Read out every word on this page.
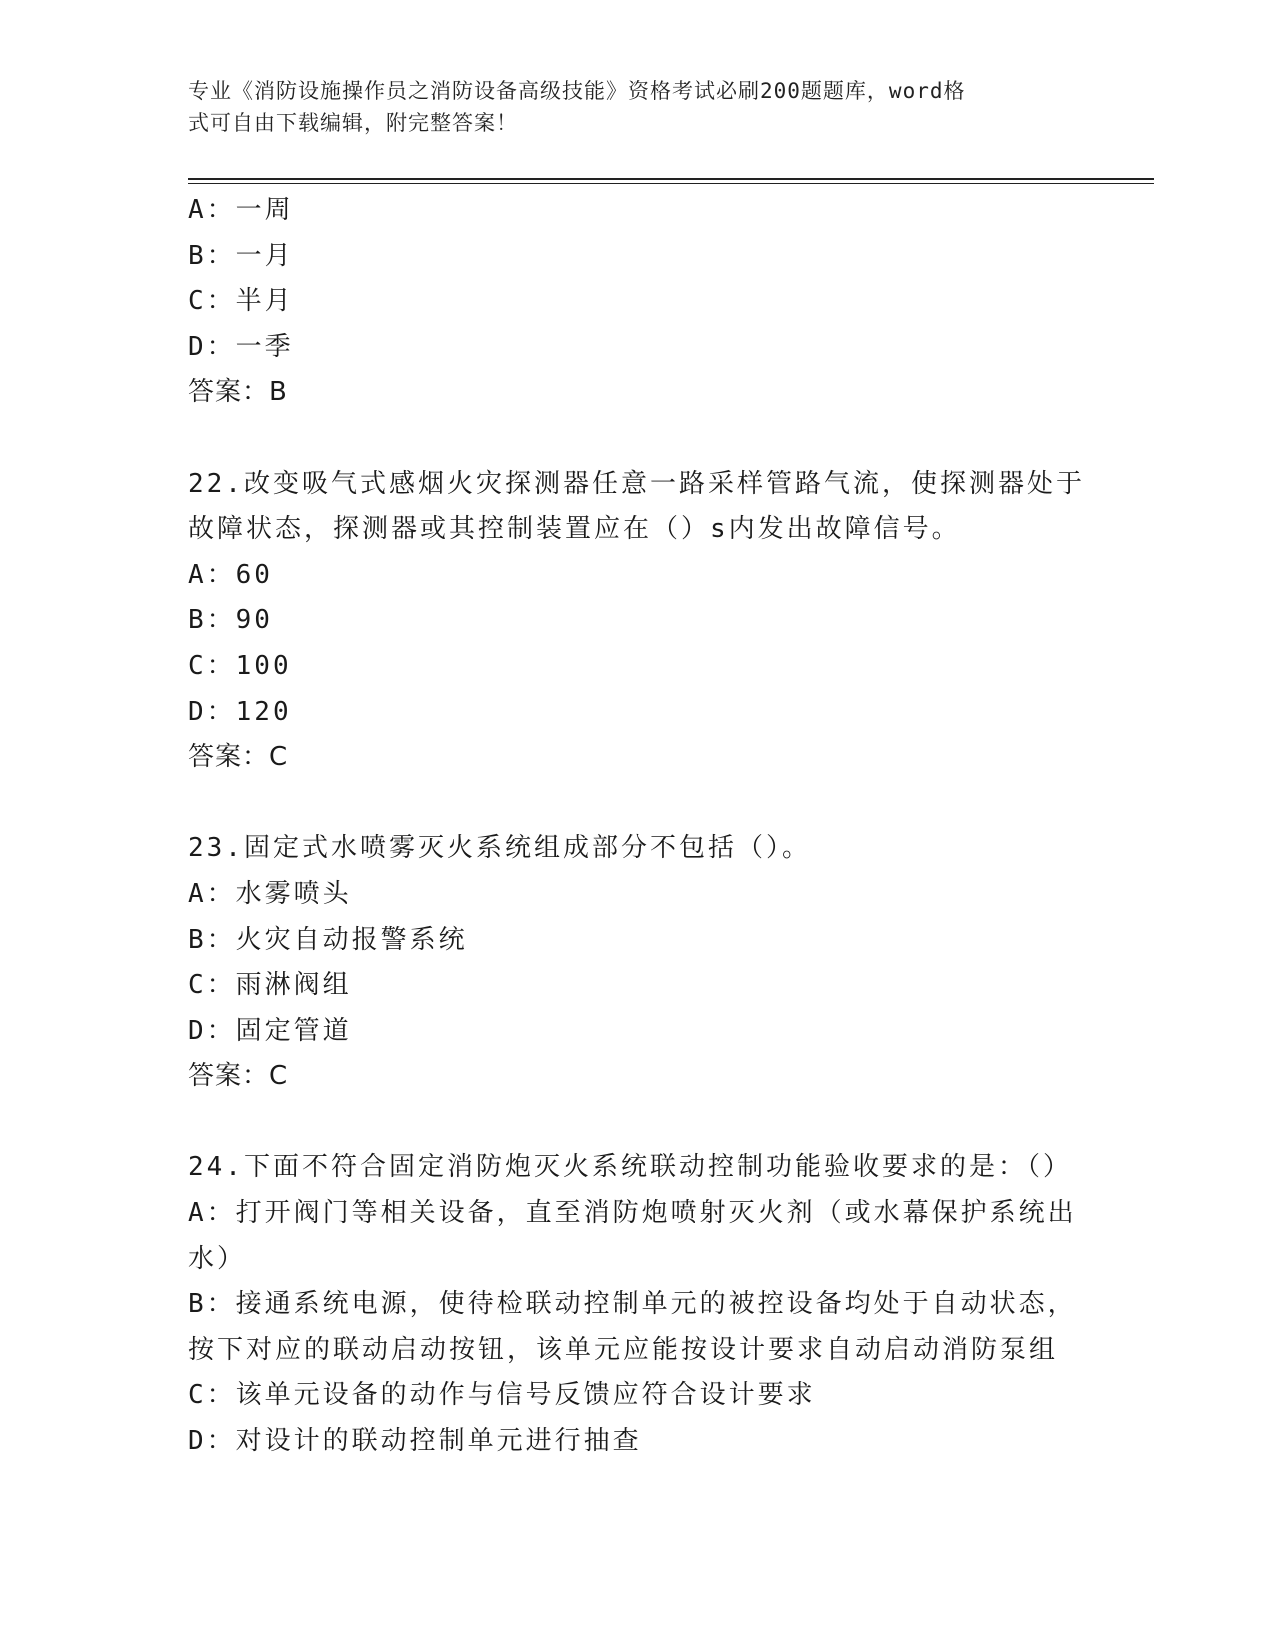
专业《消防设施操作员之消防设备高级技能》资格考试必刷200题题库，word格
式可自由下载编辑，附完整答案！
A：一周
B：一月
C：半月
D：一季
答案：B
22.改变吸气式感烟火灾探测器任意一路采样管路气流，使探测器处于
故障状态，探测器或其控制装置应在（）s内发出故障信号。
A：60
B：90
C：100
D：120
答案：C
23.固定式水喷雾灭火系统组成部分不包括（）。
A：水雾喷头
B：火灾自动报警系统
C：雨淋阀组
D：固定管道
答案：C
24.下面不符合固定消防炮灭火系统联动控制功能验收要求的是：（）
A：打开阀门等相关设备，直至消防炮喷射灭火剂（或水幕保护系统出
水）
B：接通系统电源，使待检联动控制单元的被控设备均处于自动状态，
按下对应的联动启动按钮，该单元应能按设计要求自动启动消防泵组
C：该单元设备的动作与信号反馈应符合设计要求
D：对设计的联动控制单元进行抽查
